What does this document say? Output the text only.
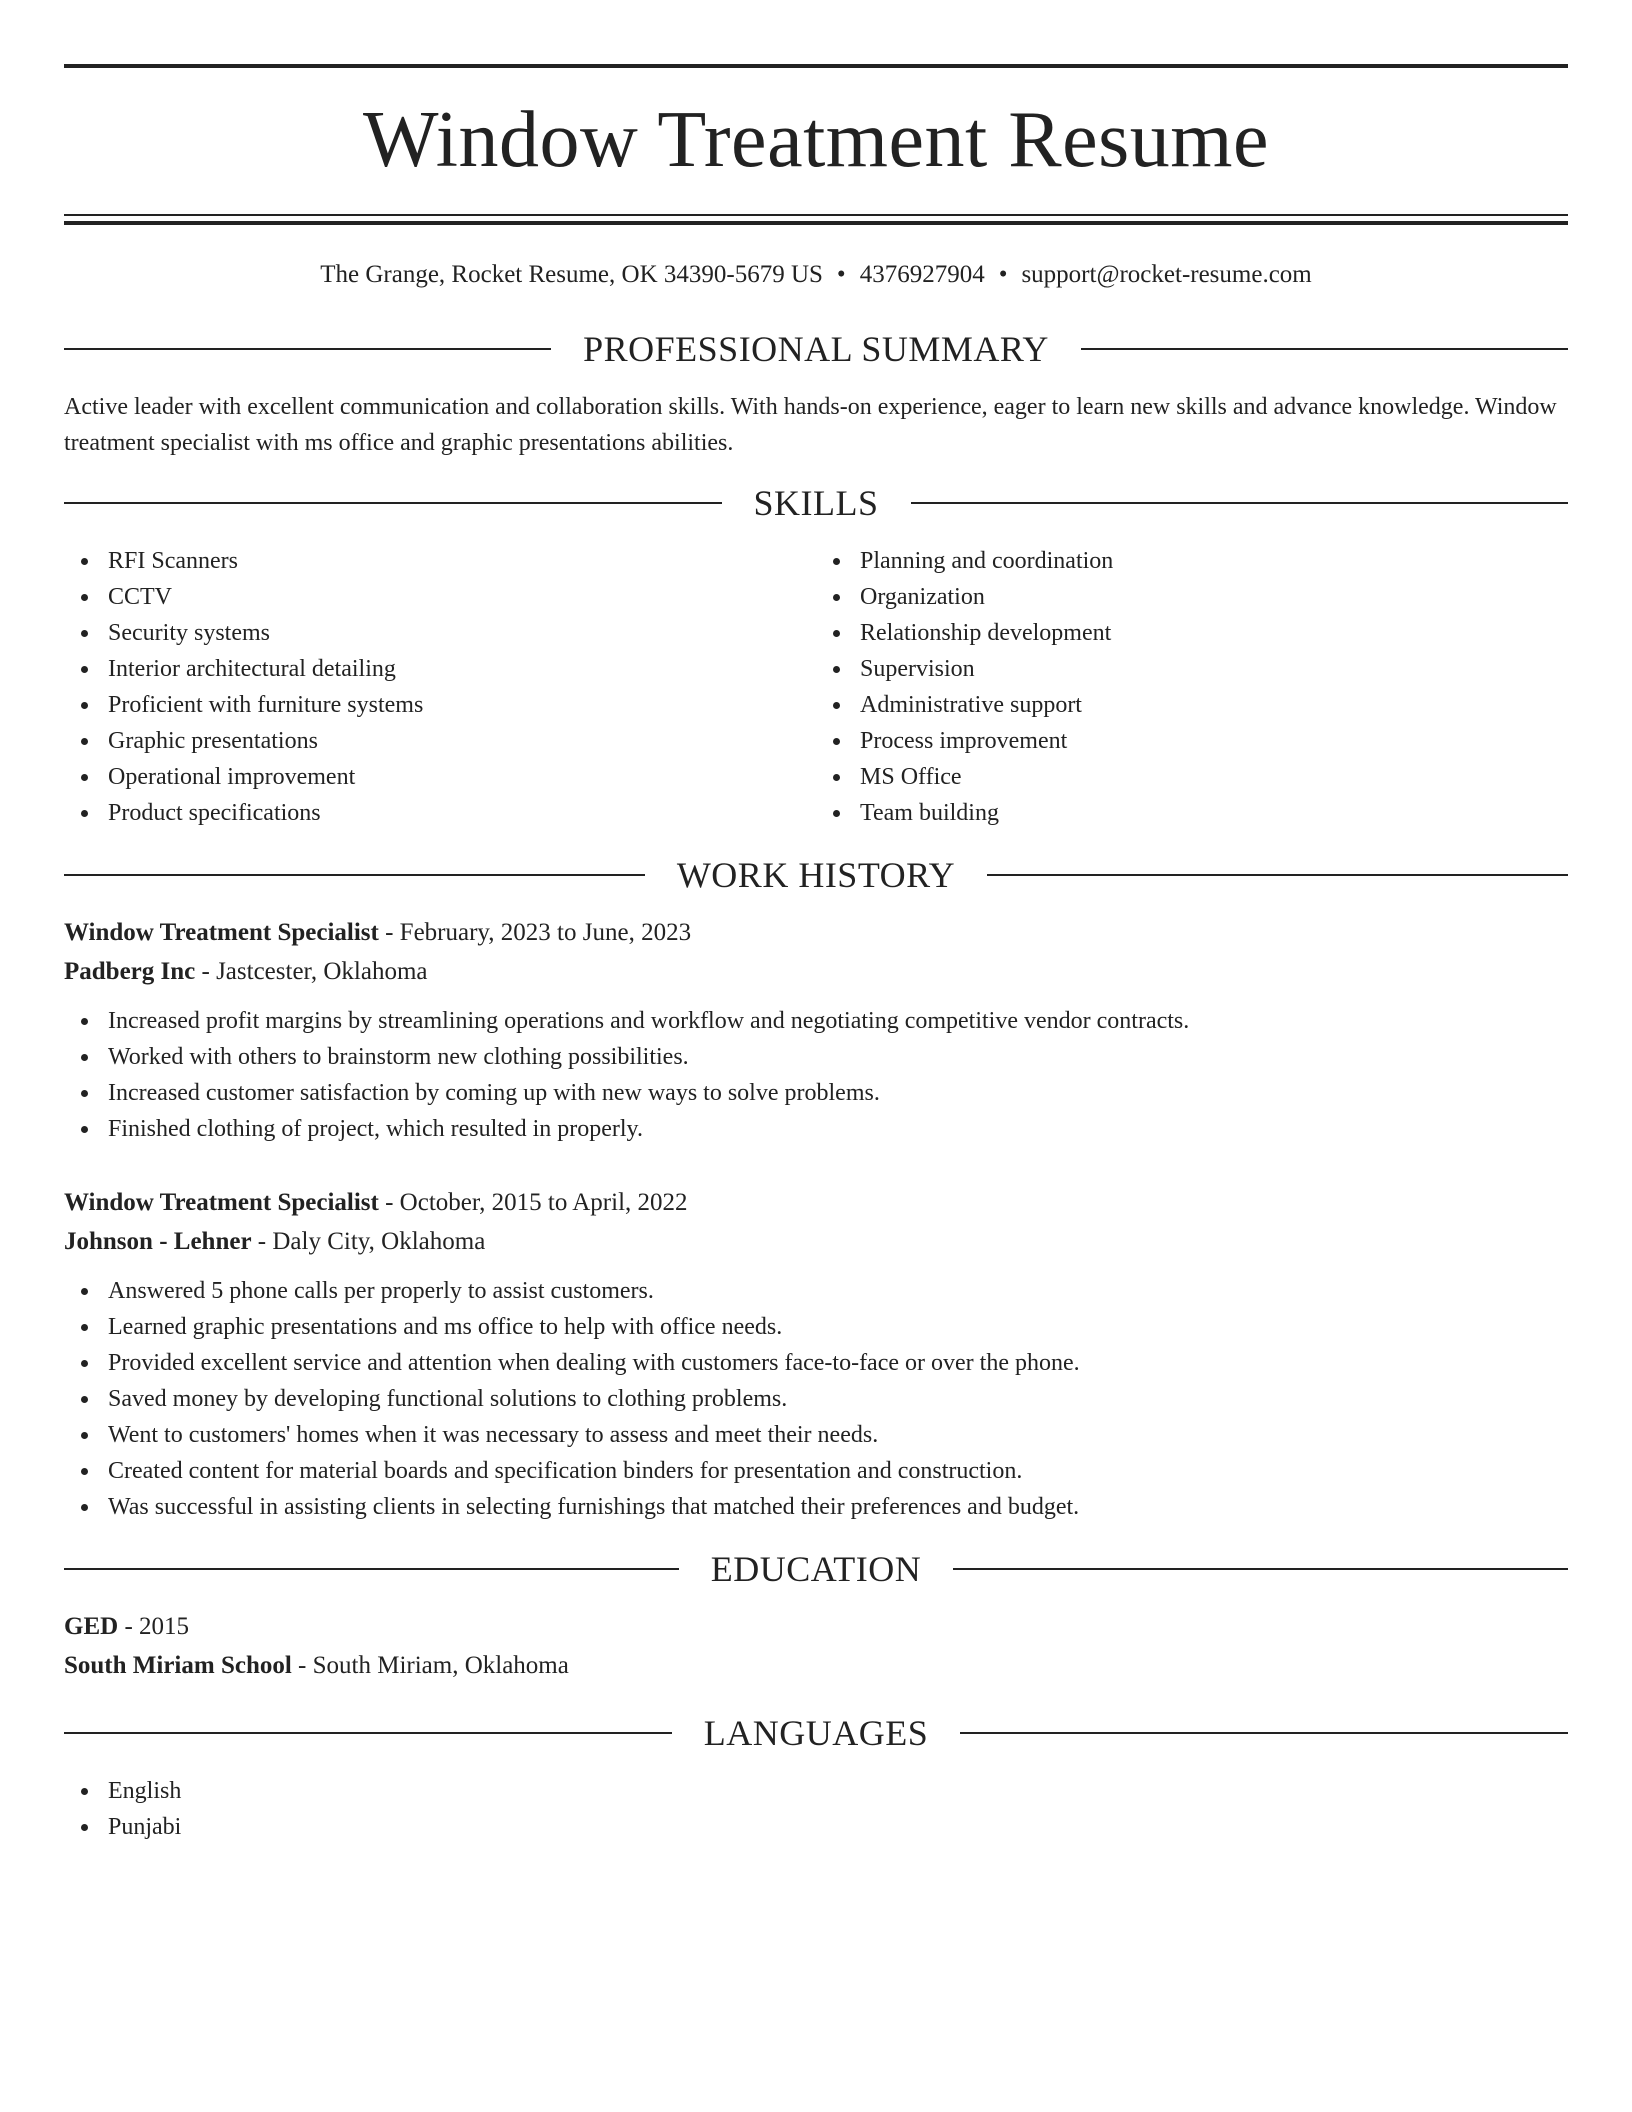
Window Treatment Resume
The Grange, Rocket Resume, OK 34390-5679 US • 4376927904 • support@rocket-resume.com
PROFESSIONAL SUMMARY
Active leader with excellent communication and collaboration skills. With hands-on experience, eager to learn new skills and advance knowledge. Window treatment specialist with ms office and graphic presentations abilities.
SKILLS
RFI Scanners
CCTV
Security systems
Interior architectural detailing
Proficient with furniture systems
Graphic presentations
Operational improvement
Product specifications
Planning and coordination
Organization
Relationship development
Supervision
Administrative support
Process improvement
MS Office
Team building
WORK HISTORY
Window Treatment Specialist - February, 2023 to June, 2023
Padberg Inc - Jastcester, Oklahoma
Increased profit margins by streamlining operations and workflow and negotiating competitive vendor contracts.
Worked with others to brainstorm new clothing possibilities.
Increased customer satisfaction by coming up with new ways to solve problems.
Finished clothing of project, which resulted in properly.
Window Treatment Specialist - October, 2015 to April, 2022
Johnson - Lehner - Daly City, Oklahoma
Answered 5 phone calls per properly to assist customers.
Learned graphic presentations and ms office to help with office needs.
Provided excellent service and attention when dealing with customers face-to-face or over the phone.
Saved money by developing functional solutions to clothing problems.
Went to customers' homes when it was necessary to assess and meet their needs.
Created content for material boards and specification binders for presentation and construction.
Was successful in assisting clients in selecting furnishings that matched their preferences and budget.
EDUCATION
GED - 2015
South Miriam School - South Miriam, Oklahoma
LANGUAGES
English
Punjabi
